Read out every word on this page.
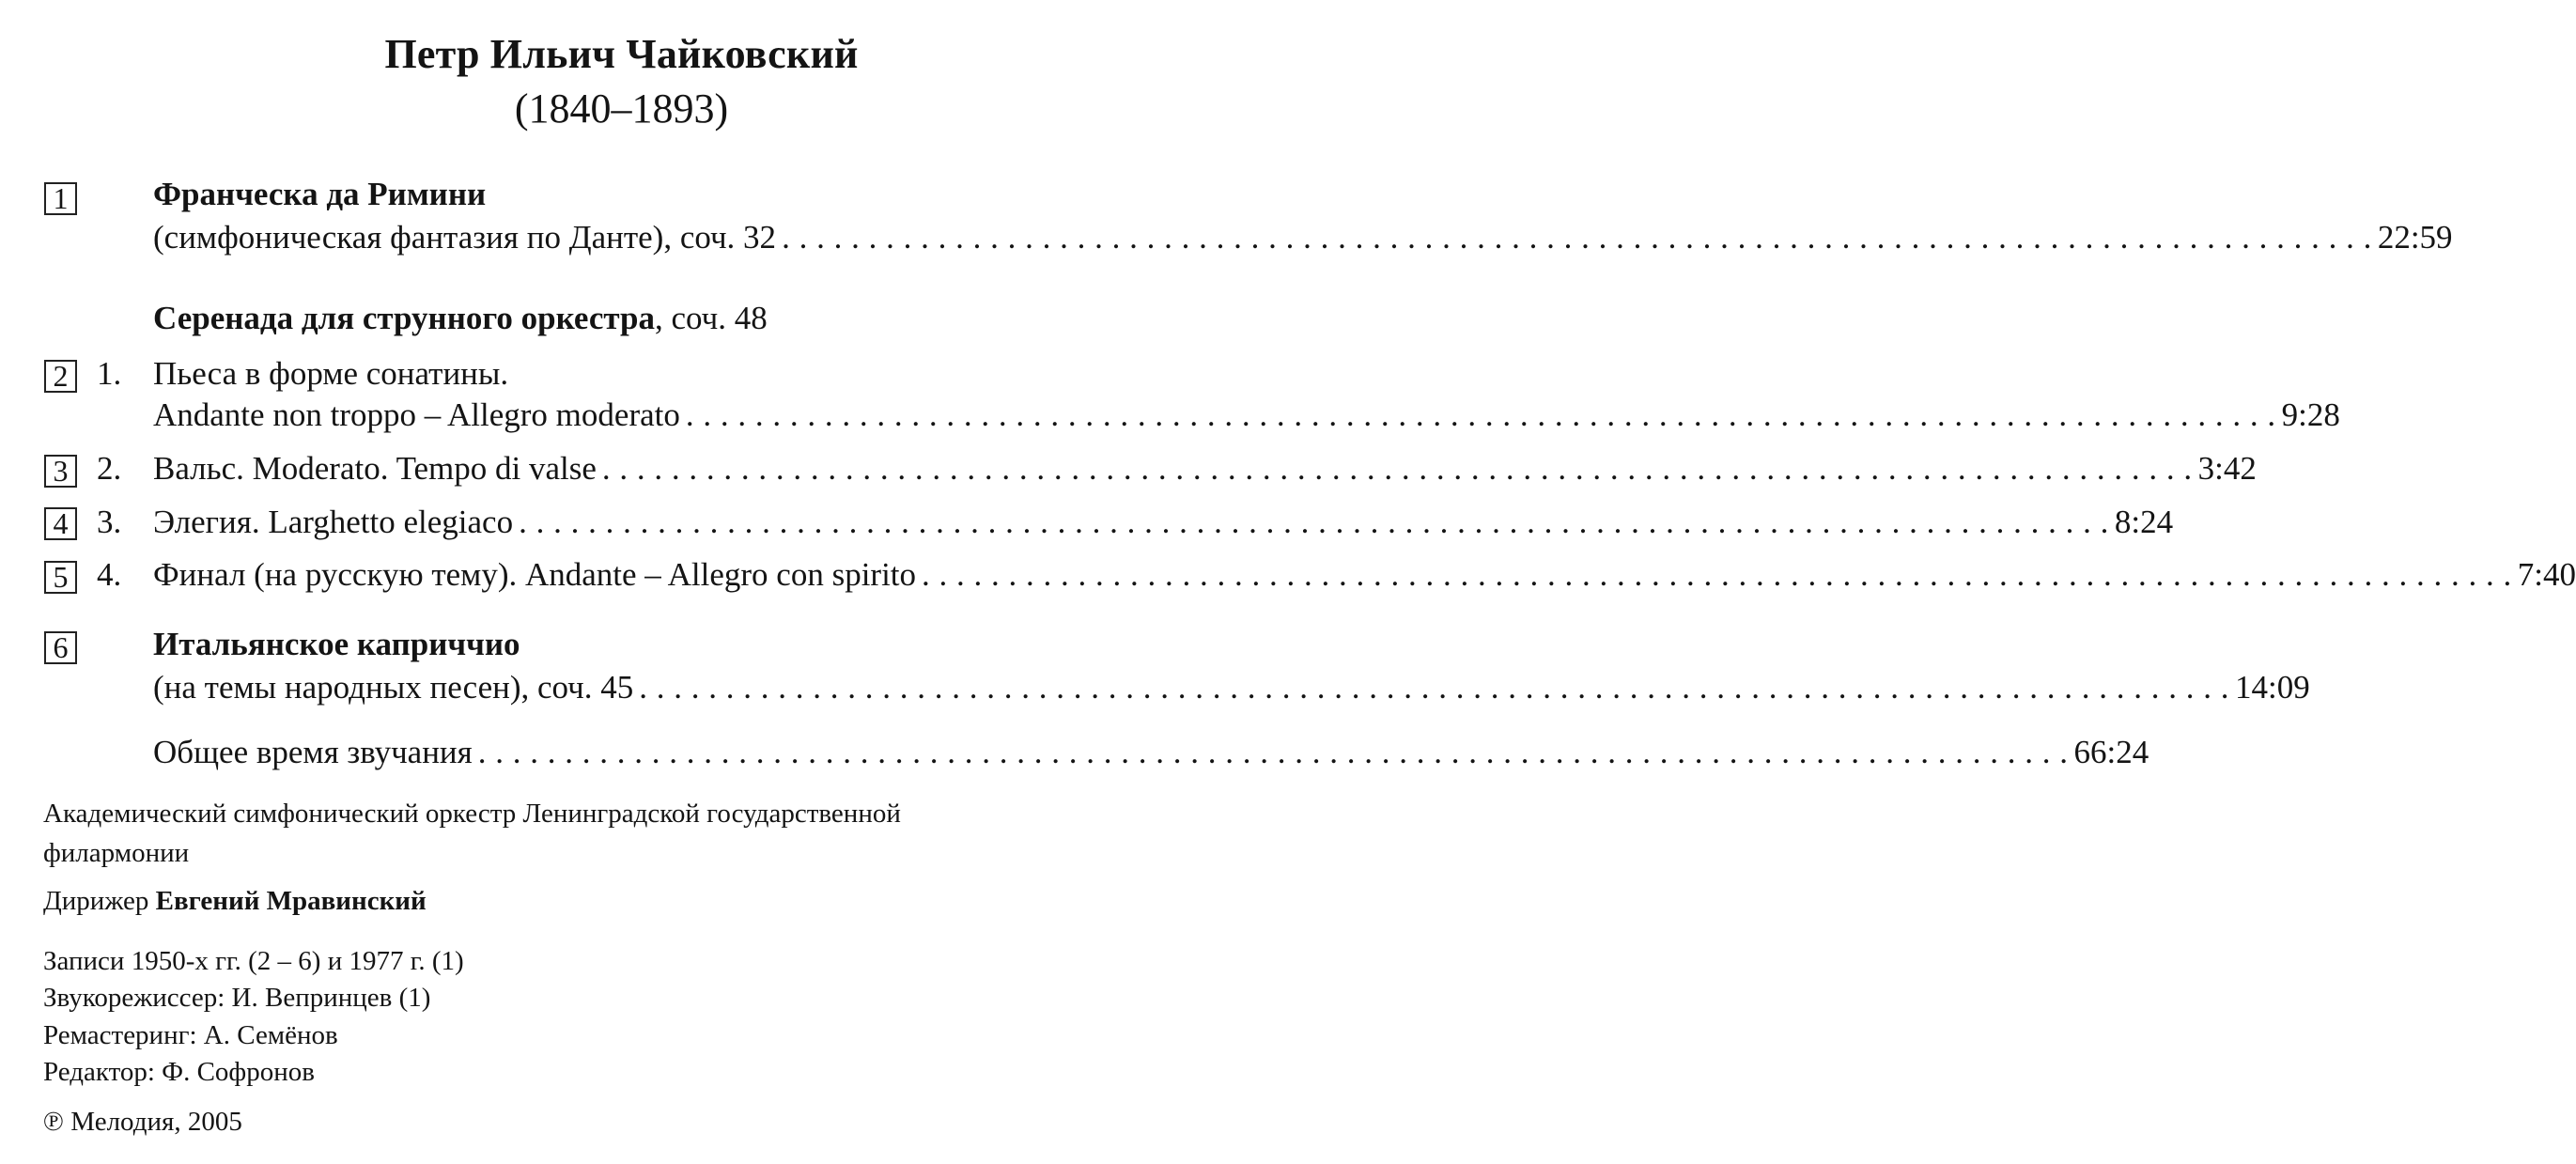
Петр Ильич Чайковский
(1840–1893)
1	Франческа да Римини
(симфоническая фантазия по Данте), соч. 32 . . . . . . . . . . . . . . . . . . . . . . . . . . . . . . . . . . . . . . . . . . . . . . . . . . . . . . . . . . . . . . . . . . . . . . . . . . . . . . . . . . . . . . . . . . . . 22:59
Серенада для струнного оркестра, соч. 48
2 1. Пьеса в форме сонатины.
Andante non troppo – Allegro moderato . . . . . . . . . . . . . . . . . . . . . . . . . . . . . . . . . . . . . . . . . . . . . . . . . . . . . . . . . . . . . . . . . . . . . . . . . . . . . . . . . . . . . . . . . . . . 9:28
3 2. Вальс. Moderato. Tempo di valse . . . . . . . . . . . . . . . . . . . . . . . . . . . . . . . . . . . . . . . . . . . . . . . . . . . . . . . . . . . . . . . . . . . . . . . . . . . . . . . . . . . . . . . . . . . . 3:42
4 3. Элегия. Larghetto elegiaco . . . . . . . . . . . . . . . . . . . . . . . . . . . . . . . . . . . . . . . . . . . . . . . . . . . . . . . . . . . . . . . . . . . . . . . . . . . . . . . . . . . . . . . . . . . . 8:24
5 4. Финал (на русскую тему). Andante – Allegro con spirito . . . . . . . . . . . . . . . . . . . . . . . . . . . . . . . . . . . . . . . . . . . . . . . . . . . . . . . . . . . . . . . . . . . . . . . . . . . . . . . . . . . . . . . . . . . . 7:40
6	Итальянское каприччио
(на темы народных песен), соч. 45 . . . . . . . . . . . . . . . . . . . . . . . . . . . . . . . . . . . . . . . . . . . . . . . . . . . . . . . . . . . . . . . . . . . . . . . . . . . . . . . . . . . . . . . . . . . . 14:09
Общее время звучания . . . . . . . . . . . . . . . . . . . . . . . . . . . . . . . . . . . . . . . . . . . . . . . . . . . . . . . . . . . . . . . . . . . . . . . . . . . . . . . . . . . . . . . . . . . . 66:24
Академический симфонический оркестр Ленинградской государственной
филармонии
Дирижер Евгений Мравинский
Записи 1950-х гг. (2 – 6) и 1977 г. (1)
Звукорежиссер: И. Вепринцев (1)
Ремастеринг: А. Семёнов
Редактор: Ф. Софронов
℗ Мелодия, 2005
